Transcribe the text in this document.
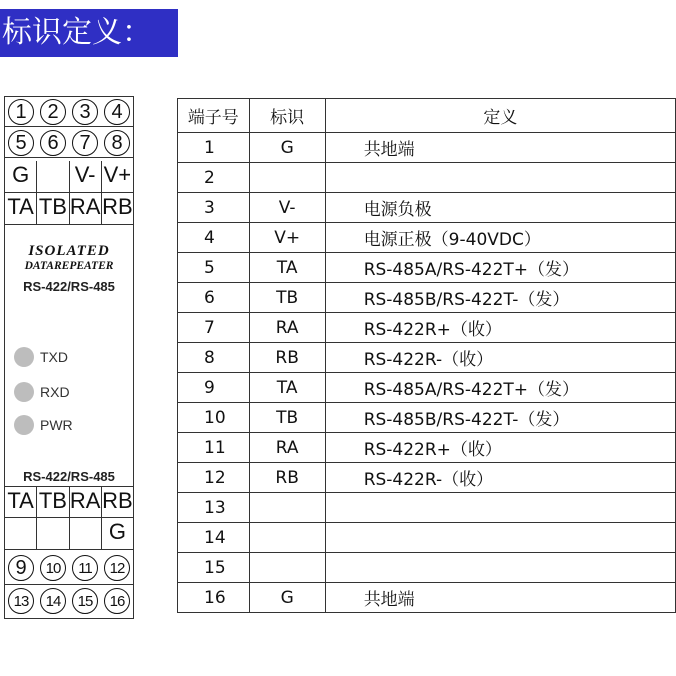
标识定义：
1	2	3	4
5	6	7	8
G	V- V+
TA TB RA RB
ISOLATED
DATAREPEATER
RS-422/RS-485
TXD
RXD
PWR
RS-422/RS-485
TA TB RA RB
G
9	10	11	12
13	14	15	16
端子号	标识	定义
1	G	共地端
2		
3	V-	电源负极
4	V+	电源正极（9-40VDC）
5	TA	RS-485A/RS-422T+（发）
6	TB	RS-485B/RS-422T-（发）
7	RA	RS-422R+（收）
8	RB	RS-422R-（收）
9	TA	RS-485A/RS-422T+（发）
10	TB	RS-485B/RS-422T-（发）
11	RA	RS-422R+（收）
12	RB	RS-422R-（收）
13		
14		
15		
16	G	共地端
